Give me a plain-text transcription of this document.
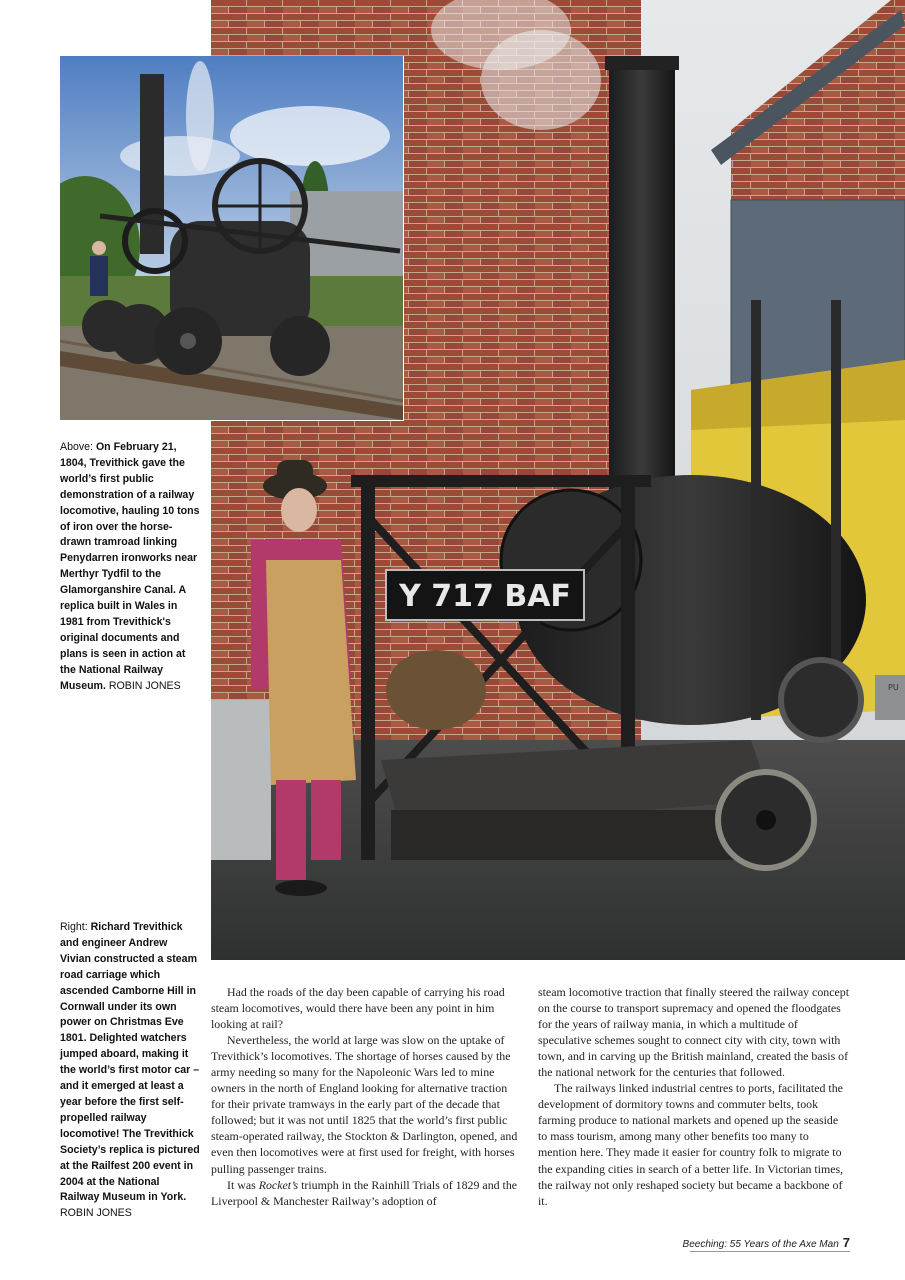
Y 717 BAF
PU
Above: On February 21, 1804, Trevithick gave the world’s first public demonstration of a railway locomotive, hauling 10 tons of iron over the horse-drawn tramroad linking Penydarren ironworks near Merthyr Tydfil to the Glamorganshire Canal. A replica built in Wales in 1981 from Trevithick's original documents and plans is seen in action at the National Railway Museum. ROBIN JONES
Right: Richard Trevithick and engineer Andrew Vivian constructed a steam road carriage which ascended Camborne Hill in Cornwall under its own power on Christmas Eve 1801. Delighted watchers jumped aboard, making it the world’s first motor car – and it emerged at least a year before the first self-propelled railway locomotive! The Trevithick Society’s replica is pictured at the Railfest 200 event in 2004 at the National Railway Museum in York. ROBIN JONES

Had the roads of the day been capable of carrying his road steam locomotives, would there have been any point in him looking at rail?

Nevertheless, the world at large was slow on the uptake of Trevithick’s locomotives. The shortage of horses caused by the army needing so many for the Napoleonic Wars led to mine owners in the north of England looking for alternative traction for their private tramways in the early part of the decade that followed; but it was not until 1825 that the world’s first public steam-operated railway, the Stockton & Darlington, opened, and even then locomotives were at first used for freight, with horses pulling passenger trains.

It was Rocket’s triumph in the Rainhill Trials of 1829 and the Liverpool & Manchester Railway’s adoption of

steam locomotive traction that finally steered the railway concept on the course to transport supremacy and opened the floodgates for the years of railway mania, in which a multitude of speculative schemes sought to connect city with city, town with town, and in carving up the British mainland, created the basis of the national network for the centuries that followed.

The railways linked industrial centres to ports, facilitated the development of dormitory towns and commuter belts, took farming produce to national markets and opened up the seaside to mass tourism, among many other benefits too many to mention here. They made it easier for country folk to migrate to the expanding cities in search of a better life. In Victorian times, the railway not only reshaped society but became a backbone of it.

Beeching: 55 Years of the Axe Man 7
